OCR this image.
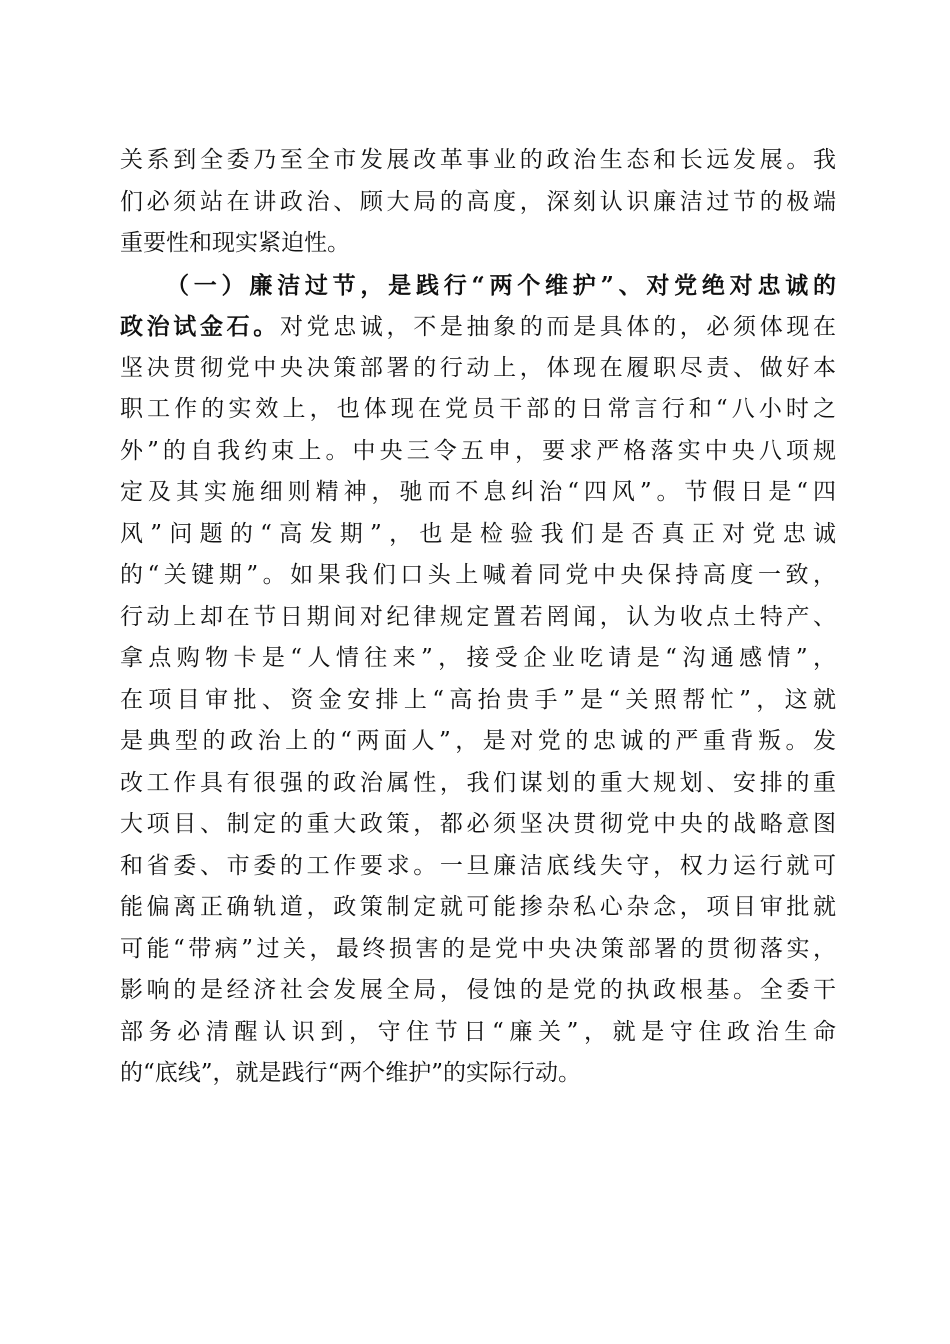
关系到全委乃至全市发展改革事业的政治生态和长远发展。我
们必须站在讲政治、顾大局的高度，深刻认识廉洁过节的极端
重要性和现实紧迫性。
（一）廉洁过节，是践行“两个维护”、对党绝对忠诚的
政治试金石。对党忠诚，不是抽象的而是具体的，必须体现在
坚决贯彻党中央决策部署的行动上，体现在履职尽责、做好本
职工作的实效上，也体现在党员干部的日常言行和“八小时之
外”的自我约束上。中央三令五申，要求严格落实中央八项规
定及其实施细则精神，驰而不息纠治“四风”。节假日是“四
风”问题的“高发期”，也是检验我们是否真正对党忠诚
的“关键期”。如果我们口头上喊着同党中央保持高度一致，
行动上却在节日期间对纪律规定置若罔闻，认为收点土特产、
拿点购物卡是“人情往来”，接受企业吃请是“沟通感情”，
在项目审批、资金安排上“高抬贵手”是“关照帮忙”，这就
是典型的政治上的“两面人”，是对党的忠诚的严重背叛。发
改工作具有很强的政治属性，我们谋划的重大规划、安排的重
大项目、制定的重大政策，都必须坚决贯彻党中央的战略意图
和省委、市委的工作要求。一旦廉洁底线失守，权力运行就可
能偏离正确轨道，政策制定就可能掺杂私心杂念，项目审批就
可能“带病”过关，最终损害的是党中央决策部署的贯彻落实，
影响的是经济社会发展全局，侵蚀的是党的执政根基。全委干
部务必清醒认识到，守住节日“廉关”，就是守住政治生命
的“底线”，就是践行“两个维护”的实际行动。
